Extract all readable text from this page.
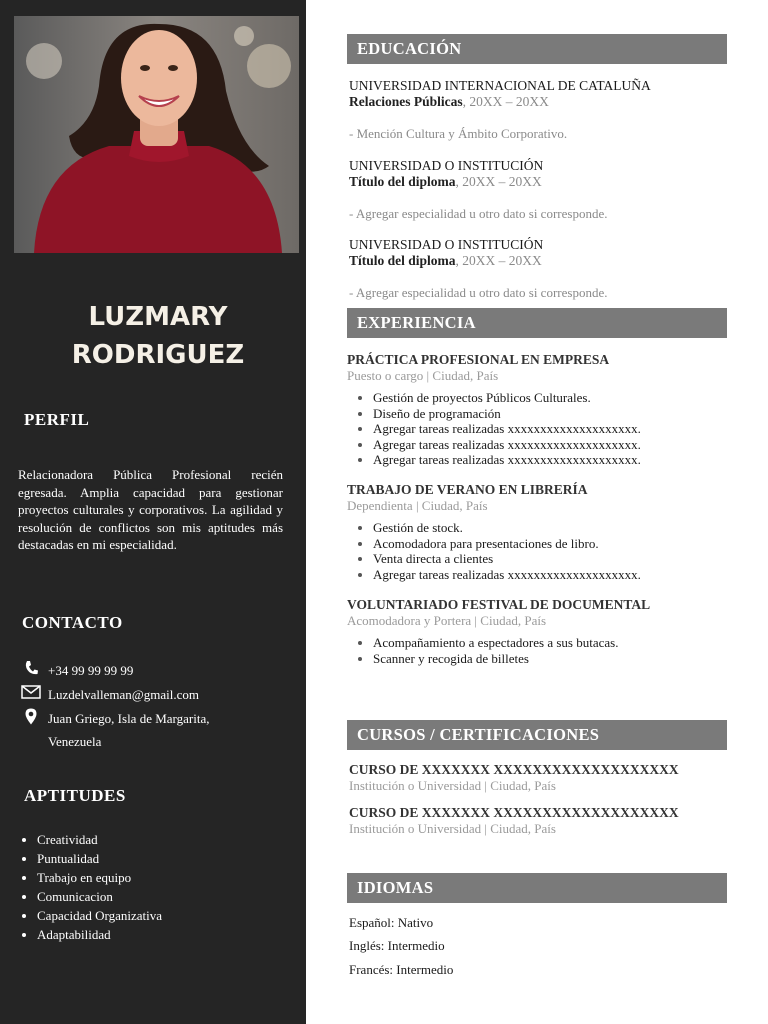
LUZMARY
RODRIGUEZ
PERFIL
Relacionadora Pública Profesional recién egresada. Amplia capacidad para gestionar proyectos culturales y corporativos. La agilidad y resolución de conflictos son mis aptitudes más destacadas en mi especialidad.
CONTACTO
+34 99 99 99 99
Luzdelvalleman@gmail.com
Juan Griego, Isla de Margarita,
Venezuela
APTITUDES
• Creatividad
• Puntualidad
• Trabajo en equipo
• Comunicacion
• Capacidad Organizativa
• Adaptabilidad
EDUCACIÓN
UNIVERSIDAD INTERNACIONAL DE CATALUÑA
Relaciones Públicas, 20XX – 20XX
- Mención Cultura y Ámbito Corporativo.
UNIVERSIDAD O INSTITUCIÓN
Título del diploma, 20XX – 20XX
- Agregar especialidad u otro dato si corresponde.
UNIVERSIDAD O INSTITUCIÓN
Título del diploma, 20XX – 20XX
- Agregar especialidad u otro dato si corresponde.
EXPERIENCIA
PRÁCTICA PROFESIONAL EN EMPRESA
Puesto o cargo | Ciudad, País
• Gestión de proyectos Públicos Culturales.
• Diseño de programación
• Agregar tareas realizadas xxxxxxxxxxxxxxxxxxxx.
• Agregar tareas realizadas xxxxxxxxxxxxxxxxxxxx.
• Agregar tareas realizadas xxxxxxxxxxxxxxxxxxxx.
TRABAJO DE VERANO EN LIBRERÍA
Dependienta | Ciudad, País
• Gestión de stock.
• Acomodadora para presentaciones de libro.
• Venta directa a clientes
• Agregar tareas realizadas xxxxxxxxxxxxxxxxxxxx.
VOLUNTARIADO FESTIVAL DE DOCUMENTAL
Acomodadora y Portera | Ciudad, País
• Acompañamiento a espectadores a sus butacas.
• Scanner y recogida de billetes
CURSOS / CERTIFICACIONES
CURSO DE XXXXXXX XXXXXXXXXXXXXXXXXXX
Institución o Universidad | Ciudad, País
CURSO DE XXXXXXX XXXXXXXXXXXXXXXXXXX
Institución o Universidad | Ciudad, País
IDIOMAS
Español: Nativo
Inglés: Intermedio
Francés: Intermedio
